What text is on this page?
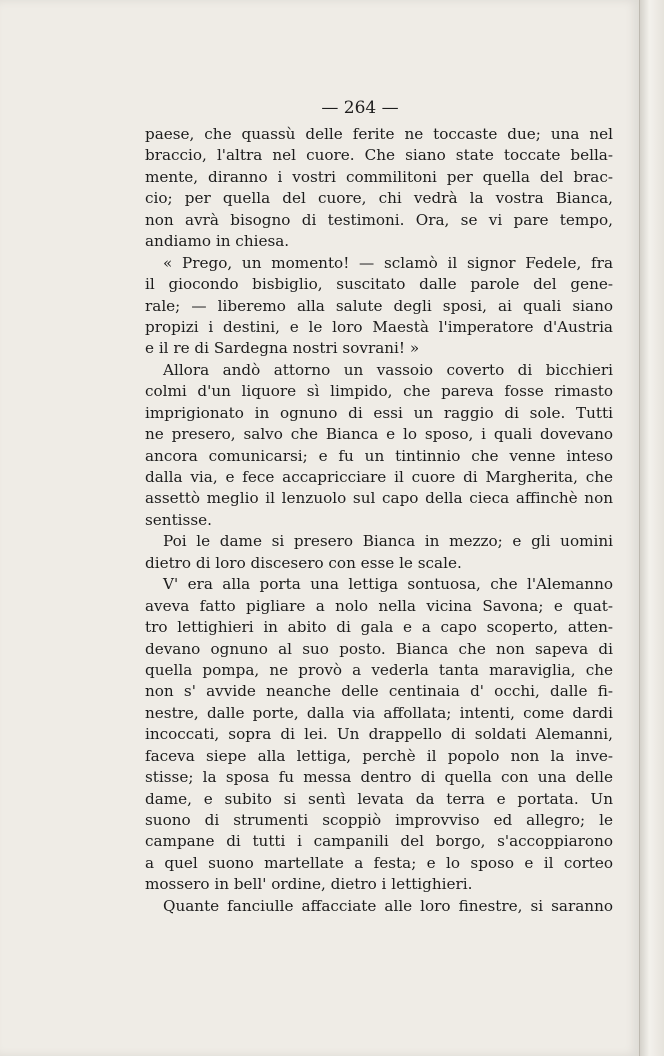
— 264 —
paese, che quassù delle ferite ne toccaste due; una nel
braccio, l'altra nel cuore. Che siano state toccate bella-
mente, diranno i vostri commilitoni per quella del brac-
cio; per quella del cuore, chi vedrà la vostra Bianca,
non avrà bisogno di testimoni. Ora, se vi pare tempo,
andiamo in chiesa.
« Prego, un momento! — sclamò il signor Fedele, fra
il giocondo bisbiglio, suscitato dalle parole del gene-
rale; — liberemo alla salute degli sposi, ai quali siano
propizi i destini, e le loro Maestà l'imperatore d'Austria
e il re di Sardegna nostri sovrani! »
Allora andò attorno un vassoio coverto di bicchieri
colmi d'un liquore sì limpido, che pareva fosse rimasto
imprigionato in ognuno di essi un raggio di sole. Tutti
ne presero, salvo che Bianca e lo sposo, i quali dovevano
ancora comunicarsi; e fu un tintinnio che venne inteso
dalla via, e fece accapricciare il cuore di Margherita, che
assettò meglio il lenzuolo sul capo della cieca affinchè non
sentisse.
Poi le dame si presero Bianca in mezzo; e gli uomini
dietro di loro discesero con esse le scale.
V' era alla porta una lettiga sontuosa, che l'Alemanno
aveva fatto pigliare a nolo nella vicina Savona; e quat-
tro lettighieri in abito di gala e a capo scoperto, atten-
devano ognuno al suo posto. Bianca che non sapeva di
quella pompa, ne provò a vederla tanta maraviglia, che
non s' avvide neanche delle centinaia d' occhi, dalle fi-
nestre, dalle porte, dalla via affollata; intenti, come dardi
incoccati, sopra di lei. Un drappello di soldati Alemanni,
faceva siepe alla lettiga, perchè il popolo non la inve-
stisse; la sposa fu messa dentro di quella con una delle
dame, e subito si sentì levata da terra e portata. Un
suono di strumenti scoppiò improvviso ed allegro; le
campane di tutti i campanili del borgo, s'accoppiarono
a quel suono martellate a festa; e lo sposo e il corteo
mossero in bell' ordine, dietro i lettighieri.
Quante fanciulle affacciate alle loro finestre, si saranno
